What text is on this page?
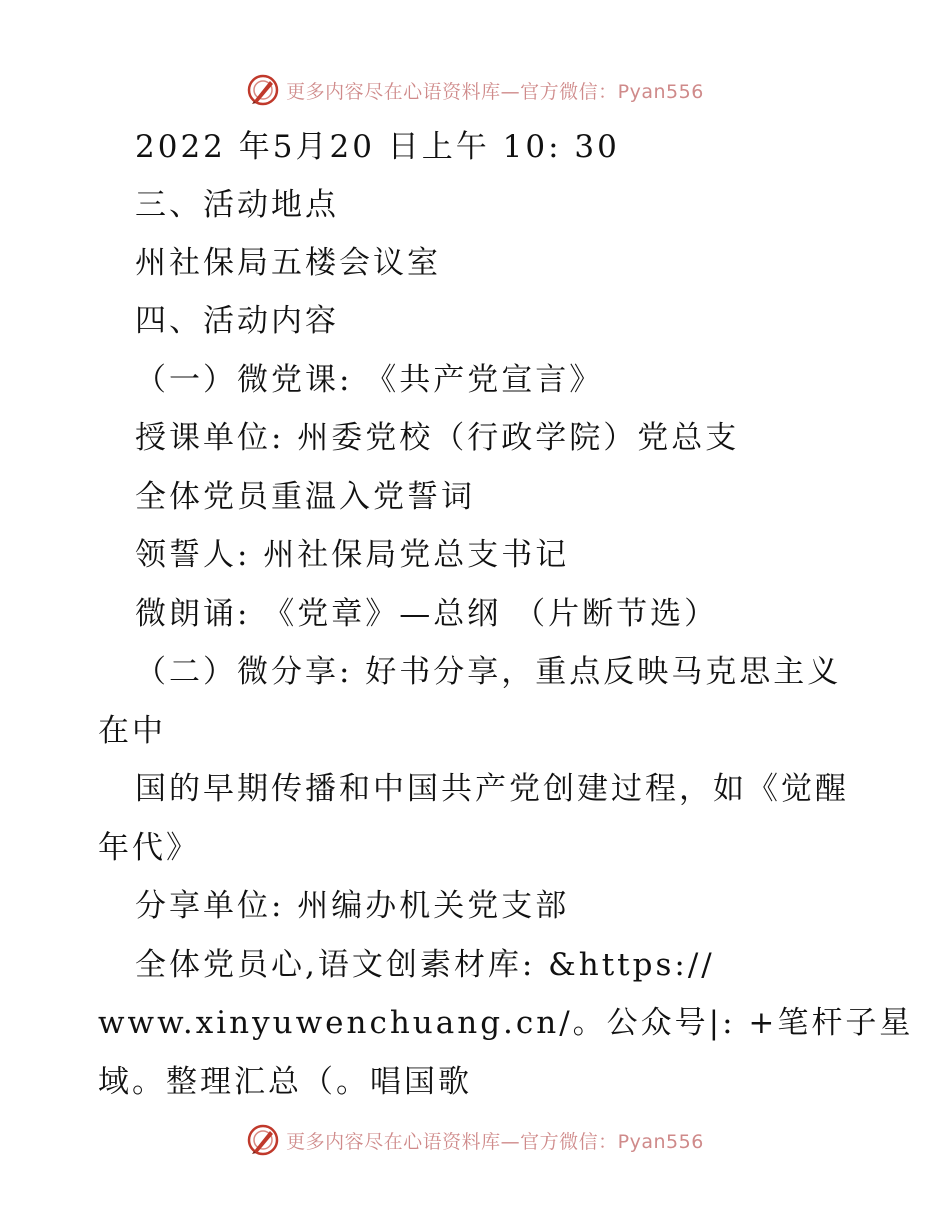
更多内容尽在心语资料库—官方微信：Pyan556
2022 年5月20 日上午 10: 30
三、活动地点
州社保局五楼会议室
四、活动内容
（一）微党课: 《共产党宣言》
授课单位: 州委党校（行政学院）党总支
全体党员重温入党誓词
领誓人: 州社保局党总支书记
微朗诵: 《党章》—总纲 （片断节选）
（二）微分享: 好书分享，重点反映马克思主义
在中
国的早期传播和中国共产党创建过程，如《觉醒
年代》
分享单位: 州编办机关党支部
全体党员心,语文创素材库: &https://
www.xinyuwenchuang.cn/。公众号|: +笔杆子星
域。整理汇总（。唱国歌
更多内容尽在心语资料库—官方微信：Pyan556
